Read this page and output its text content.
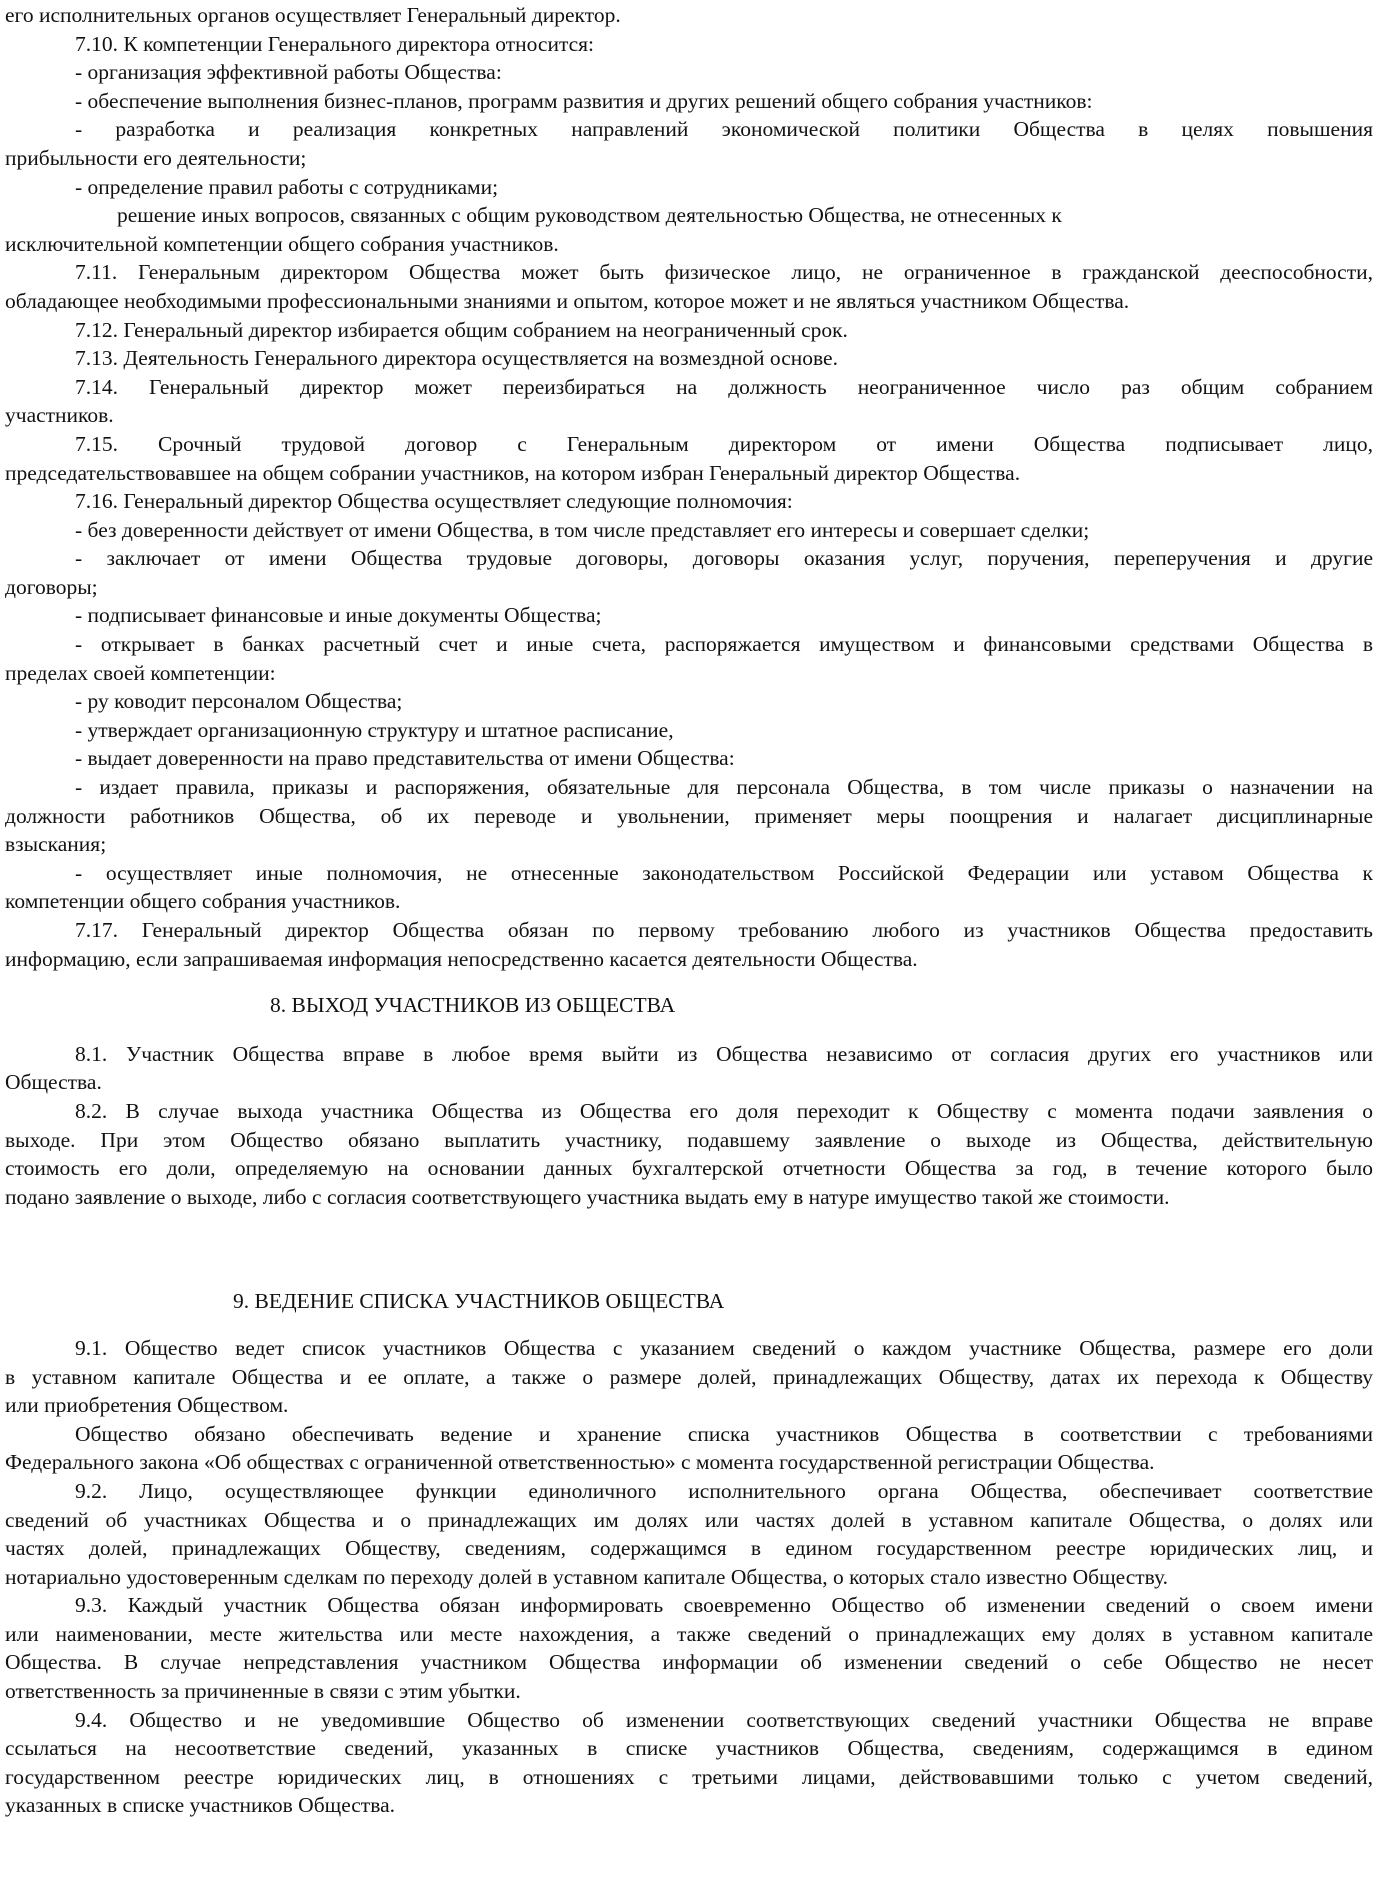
его исполнительных органов осуществляет Генеральный директор.
7.10. К компетенции Генерального директора относится:
- организация эффективной работы Общества:
- обеспечение выполнения бизнес-планов, программ развития и других решений общего собрания участников:
- разработка и реализация конкретных направлений экономической политики Общества в целях повышения
прибыльности его деятельности;
- определение правил работы с сотрудниками;
решение иных вопросов, связанных с общим руководством деятельностью Общества, не отнесенных к
исключительной компетенции общего собрания участников.
7.11. Генеральным директором Общества может быть физическое лицо, не ограниченное в гражданской дееспособности,
обладающее необходимыми профессиональными знаниями и опытом, которое может и не являться участником Общества.
7.12. Генеральный директор избирается общим собранием на неограниченный срок.
7.13. Деятельность Генерального директора осуществляется на возмездной основе.
7.14. Генеральный директор может переизбираться на должность неограниченное число раз общим собранием
участников.
7.15. Срочный трудовой договор с Генеральным директором от имени Общества подписывает лицо,
председательствовавшее на общем собрании участников, на котором избран Генеральный директор Общества.
7.16. Генеральный директор Общества осуществляет следующие полномочия:
- без доверенности действует от имени Общества, в том числе представляет его интересы и совершает сделки;
- заключает от имени Общества трудовые договоры, договоры оказания услуг, поручения, переперучения и другие
договоры;
- подписывает финансовые и иные документы Общества;
- открывает в банках расчетный счет и иные счета, распоряжается имуществом и финансовыми средствами Общества в
пределах своей компетенции:
- ру ководит персоналом Общества;
- утверждает организационную структуру и штатное расписание,
- выдает доверенности на право представительства от имени Общества:
- издает правила, приказы и распоряжения, обязательные для персонала Общества, в том числе приказы о назначении на
должности работников Общества, об их переводе и увольнении, применяет меры поощрения и налагает дисциплинарные
взыскания;
- осуществляет иные полномочия, не отнесенные законодательством Российской Федерации или уставом Общества к
компетенции общего собрания участников.
7.17. Генеральный директор Общества обязан по первому требованию любого из участников Общества предоставить
информацию, если запрашиваемая информация непосредственно касается деятельности Общества.
8. ВЫХОД УЧАСТНИКОВ ИЗ ОБЩЕСТВА
8.1. Участник Общества вправе в любое время выйти из Общества независимо от согласия других его участников или
Общества.
8.2. В случае выхода участника Общества из Общества его доля переходит к Обществу с момента подачи заявления о
выходе. При этом Общество обязано выплатить участнику, подавшему заявление о выходе из Общества, действительную
стоимость его доли, определяемую на основании данных бухгалтерской отчетности Общества за год, в течение которого было
подано заявление о выходе, либо с согласия соответствующего участника выдать ему в натуре имущество такой же стоимости.
9. ВЕДЕНИЕ СПИСКА УЧАСТНИКОВ ОБЩЕСТВА
9.1. Общество ведет список участников Общества с указанием сведений о каждом участнике Общества, размере его доли
в уставном капитале Общества и ее оплате, а также о размере долей, принадлежащих Обществу, датах их перехода к Обществу
или приобретения Обществом.
Общество обязано обеспечивать ведение и хранение списка участников Общества в соответствии с требованиями
Федерального закона «Об обществах с ограниченной ответственностью» с момента государственной регистрации Общества.
9.2. Лицо, осуществляющее функции единоличного исполнительного органа Общества, обеспечивает соответствие
сведений об участниках Общества и о принадлежащих им долях или частях долей в уставном капитале Общества, о долях или
частях долей, принадлежащих Обществу, сведениям, содержащимся в едином государственном реестре юридических лиц, и
нотариально удостоверенным сделкам по переходу долей в уставном капитале Общества, о которых стало известно Обществу.
9.3. Каждый участник Общества обязан информировать своевременно Общество об изменении сведений о своем имени
или наименовании, месте жительства или месте нахождения, а также сведений о принадлежащих ему долях в уставном капитале
Общества. В случае непредставления участником Общества информации об изменении сведений о себе Общество не несет
ответственность за причиненные в связи с этим убытки.
9.4. Общество и не уведомившие Общество об изменении соответствующих сведений участники Общества не вправе
ссылаться на несоответствие сведений, указанных в списке участников Общества, сведениям, содержащимся в едином
государственном реестре юридических лиц, в отношениях с третьими лицами, действовавшими только с учетом сведений,
указанных в списке участников Общества.
